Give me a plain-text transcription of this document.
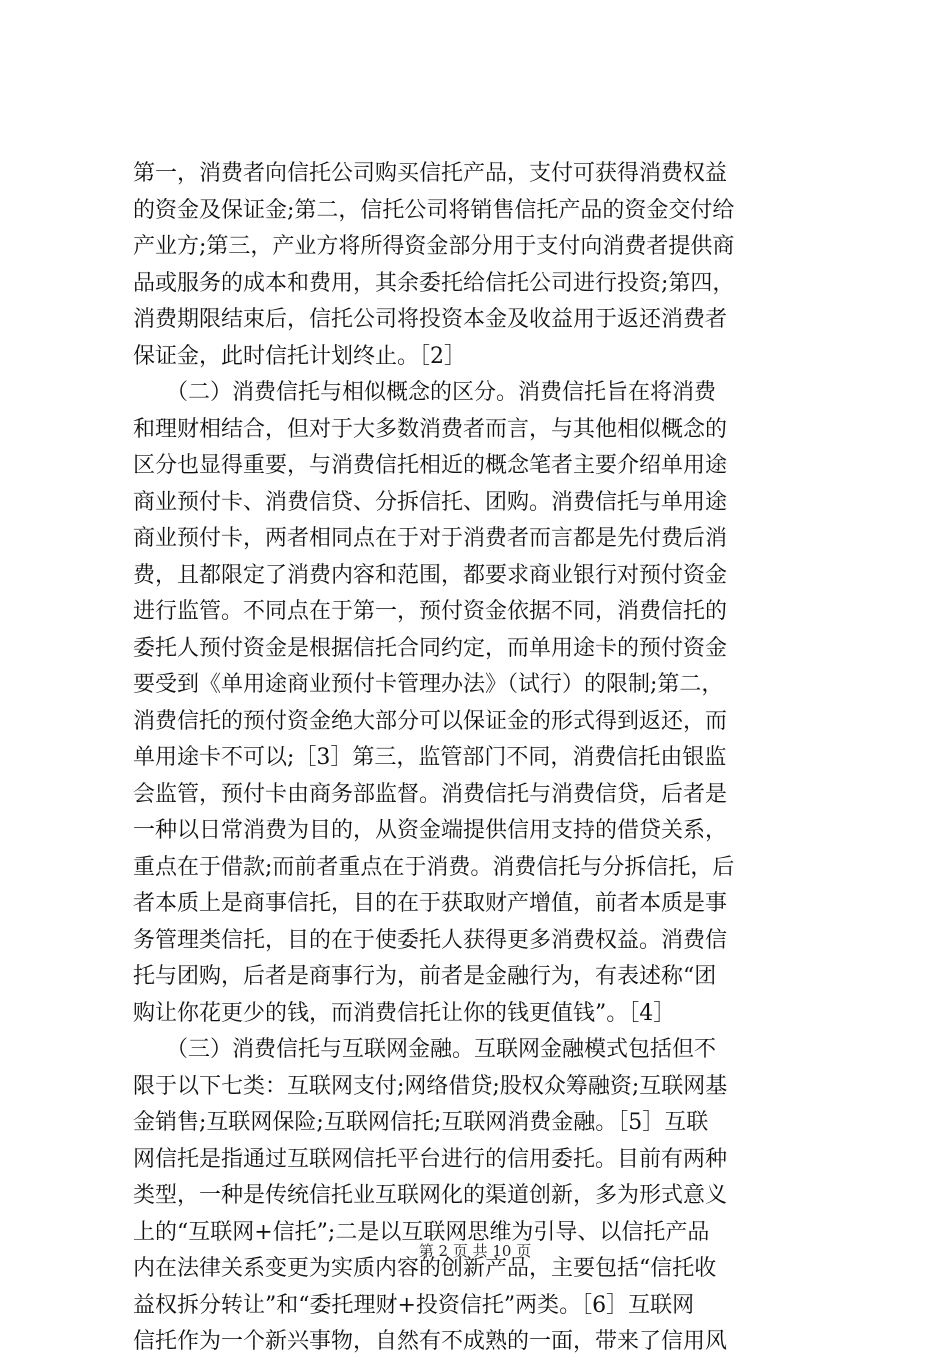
第一，消费者向信托公司购买信托产品，支付可获得消费权益
的资金及保证金;第二，信托公司将销售信托产品的资金交付给
产业方;第三，产业方将所得资金部分用于支付向消费者提供商
品或服务的成本和费用，其余委托给信托公司进行投资;第四，
消费期限结束后，信托公司将投资本金及收益用于返还消费者
保证金，此时信托计划终止。［2］
　　（二）消费信托与相似概念的区分。消费信托旨在将消费
和理财相结合，但对于大多数消费者而言，与其他相似概念的
区分也显得重要，与消费信托相近的概念笔者主要介绍单用途
商业预付卡、消费信贷、分拆信托、团购。消费信托与单用途
商业预付卡，两者相同点在于对于消费者而言都是先付费后消
费，且都限定了消费内容和范围，都要求商业银行对预付资金
进行监管。不同点在于第一，预付资金依据不同，消费信托的
委托人预付资金是根据信托合同约定，而单用途卡的预付资金
要受到《单用途商业预付卡管理办法》（试行）的限制;第二，
消费信托的预付资金绝大部分可以保证金的形式得到返还，而
单用途卡不可以;［3］第三，监管部门不同，消费信托由银监
会监管，预付卡由商务部监督。消费信托与消费信贷，后者是
一种以日常消费为目的，从资金端提供信用支持的借贷关系，
重点在于借款;而前者重点在于消费。消费信托与分拆信托，后
者本质上是商事信托，目的在于获取财产增值，前者本质是事
务管理类信托，目的在于使委托人获得更多消费权益。消费信
托与团购，后者是商事行为，前者是金融行为，有表述称“团
购让你花更少的钱，而消费信托让你的钱更值钱”。［4］
　　（三）消费信托与互联网金融。互联网金融模式包括但不
限于以下七类：互联网支付;网络借贷;股权众筹融资;互联网基
金销售;互联网保险;互联网信托;互联网消费金融。［5］互联
网信托是指通过互联网信托平台进行的信用委托。目前有两种
类型，一种是传统信托业互联网化的渠道创新，多为形式意义
上的“互联网+信托”;二是以互联网思维为引导、以信托产品
内在法律关系变更为实质内容的创新产品，主要包括“信托收
益权拆分转让”和“委托理财+投资信托”两类。［6］互联网
信托作为一个新兴事物，自然有不成熟的一面，带来了信用风
第 2 页 共 10 页
